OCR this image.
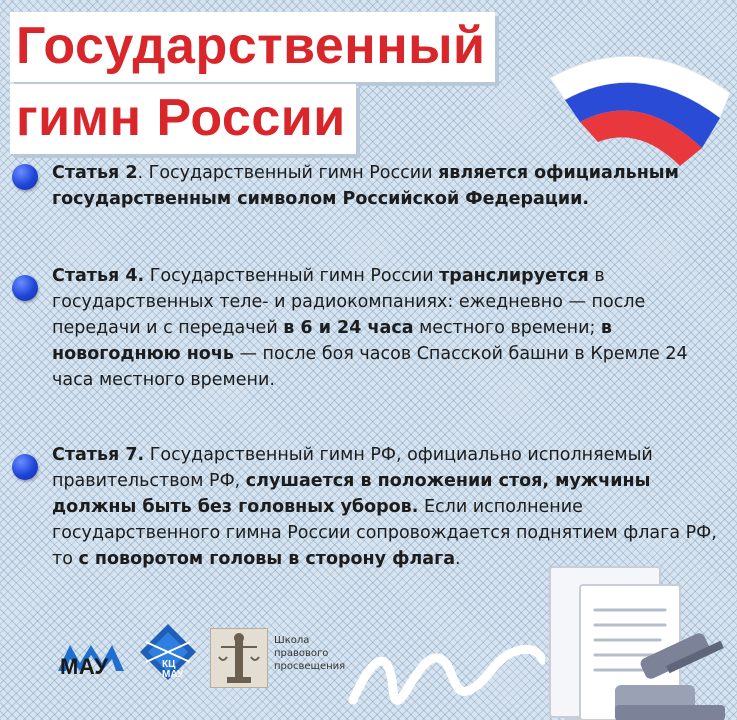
Государственный
гимн России
Статья 2. Государственный гимн России является официальным государственным символом Российской Федерации.
Статья 4. Государственный гимн России транслируется в государственных теле- и радиокомпаниях: ежедневно — после передачи и с передачей в 6 и 24 часа местного времени; в новогоднюю ночь — после боя часов Спасской башни в Кремле 24 часа местного времени.
Статья 7. Государственный гимн РФ, официально исполняемый правительством РФ, слушается в положении стоя, мужчины должны быть без головных уборов. Если исполнение государственного гимна России сопровождается поднятием флага РФ, то с поворотом головы в сторону флага.
МАУ	КЦ
МАУ
Школа правового просвещения
